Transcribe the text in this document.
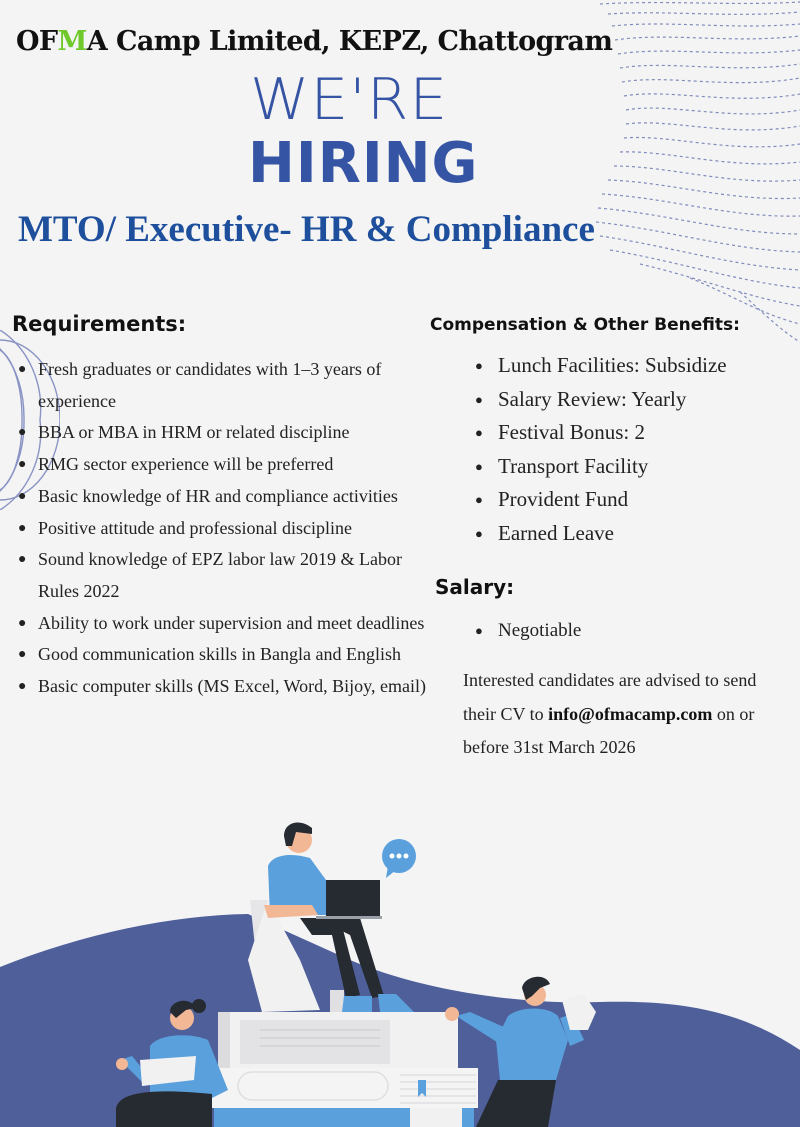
OFMA Camp Limited, KEPZ, Chattogram
WE'RE
HIRING
MTO/ Executive- HR & Compliance
Requirements:
● Fresh graduates or candidates with 1–3 years of experience
● BBA or MBA in HRM or related discipline
● RMG sector experience will be preferred
● Basic knowledge of HR and compliance activities
● Positive attitude and professional discipline
● Sound knowledge of EPZ labor law 2019 & Labor Rules 2022
● Ability to work under supervision and meet deadlines
● Good communication skills in Bangla and English
● Basic computer skills (MS Excel, Word, Bijoy, email)
Compensation & Other Benefits:
● Lunch Facilities: Subsidize
● Salary Review: Yearly
● Festival Bonus: 2
● Transport Facility
● Provident Fund
● Earned Leave
Salary:
● Negotiable

Interested candidates are advised to send their CV to info@ofmacamp.com on or before 31st March 2026
